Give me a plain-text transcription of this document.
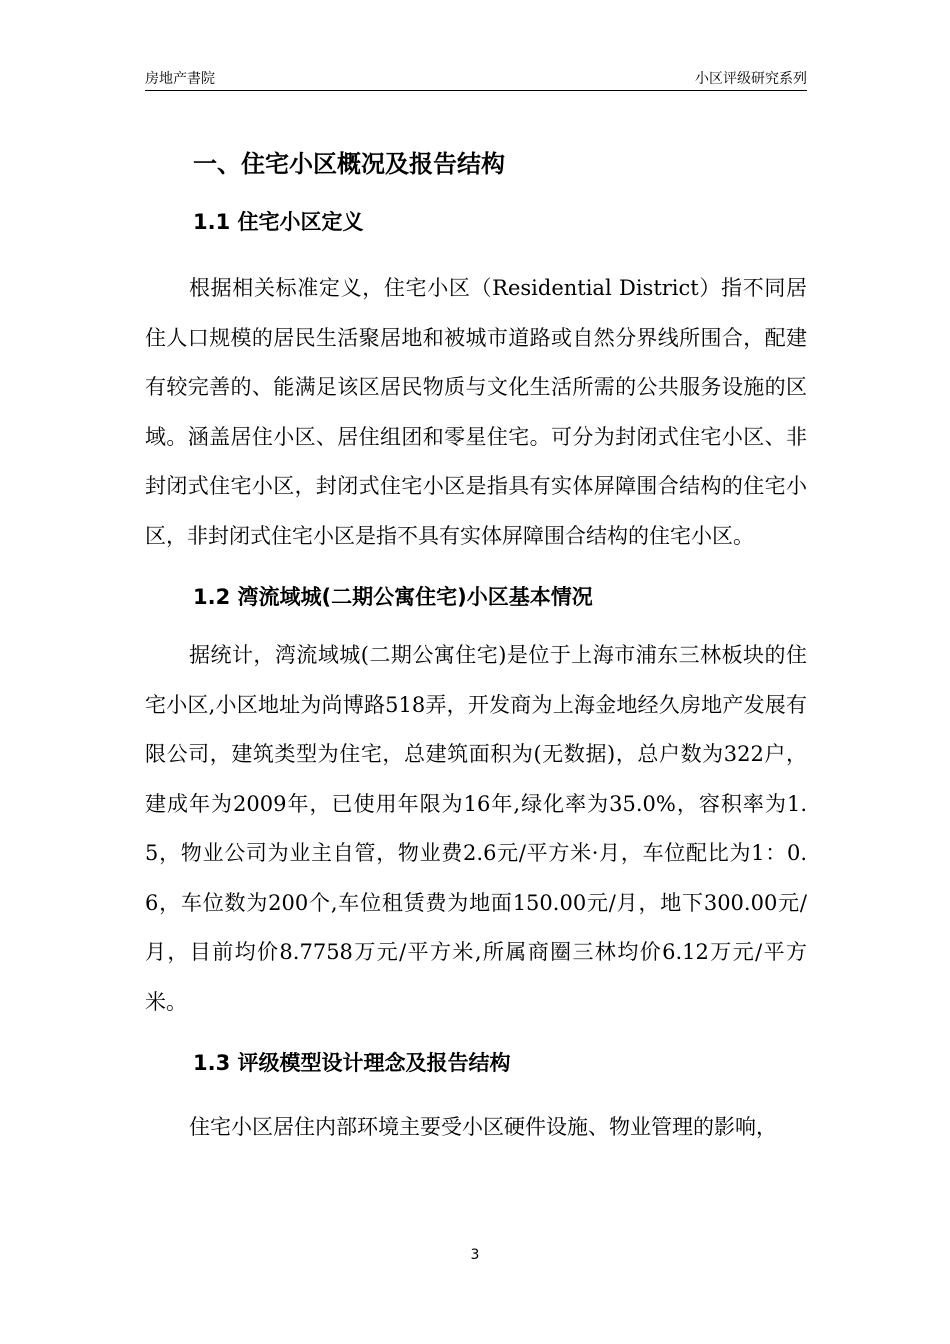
房地产書院	小区评级研究系列
一、住宅小区概况及报告结构
1.1 住宅小区定义

根据相关标准定义，住宅小区（Residential District）指不同居住人口规模的居民生活聚居地和被城市道路或自然分界线所围合，配建有较完善的、能满足该区居民物质与文化生活所需的公共服务设施的区域。涵盖居住小区、居住组团和零星住宅。可分为封闭式住宅小区、非封闭式住宅小区，封闭式住宅小区是指具有实体屏障围合结构的住宅小区，非封闭式住宅小区是指不具有实体屏障围合结构的住宅小区。

1.2 湾流域城(二期公寓住宅)小区基本情况

据统计，湾流域城(二期公寓住宅)是位于上海市浦东三林板块的住宅小区,小区地址为尚博路518弄，开发商为上海金地经久房地产发展有限公司，建筑类型为住宅，总建筑面积为(无数据)，总户数为322户，建成年为2009年，已使用年限为16年,绿化率为35.0%，容积率为1.5，物业公司为业主自管，物业费2.6元/平方米·月，车位配比为1：0.6，车位数为200个,车位租赁费为地面150.00元/月，地下300.00元/月，目前均价8.7758万元/平方米,所属商圈三林均价6.12万元/平方米。

1.3 评级模型设计理念及报告结构

住宅小区居住内部环境主要受小区硬件设施、物业管理的影响，

3
